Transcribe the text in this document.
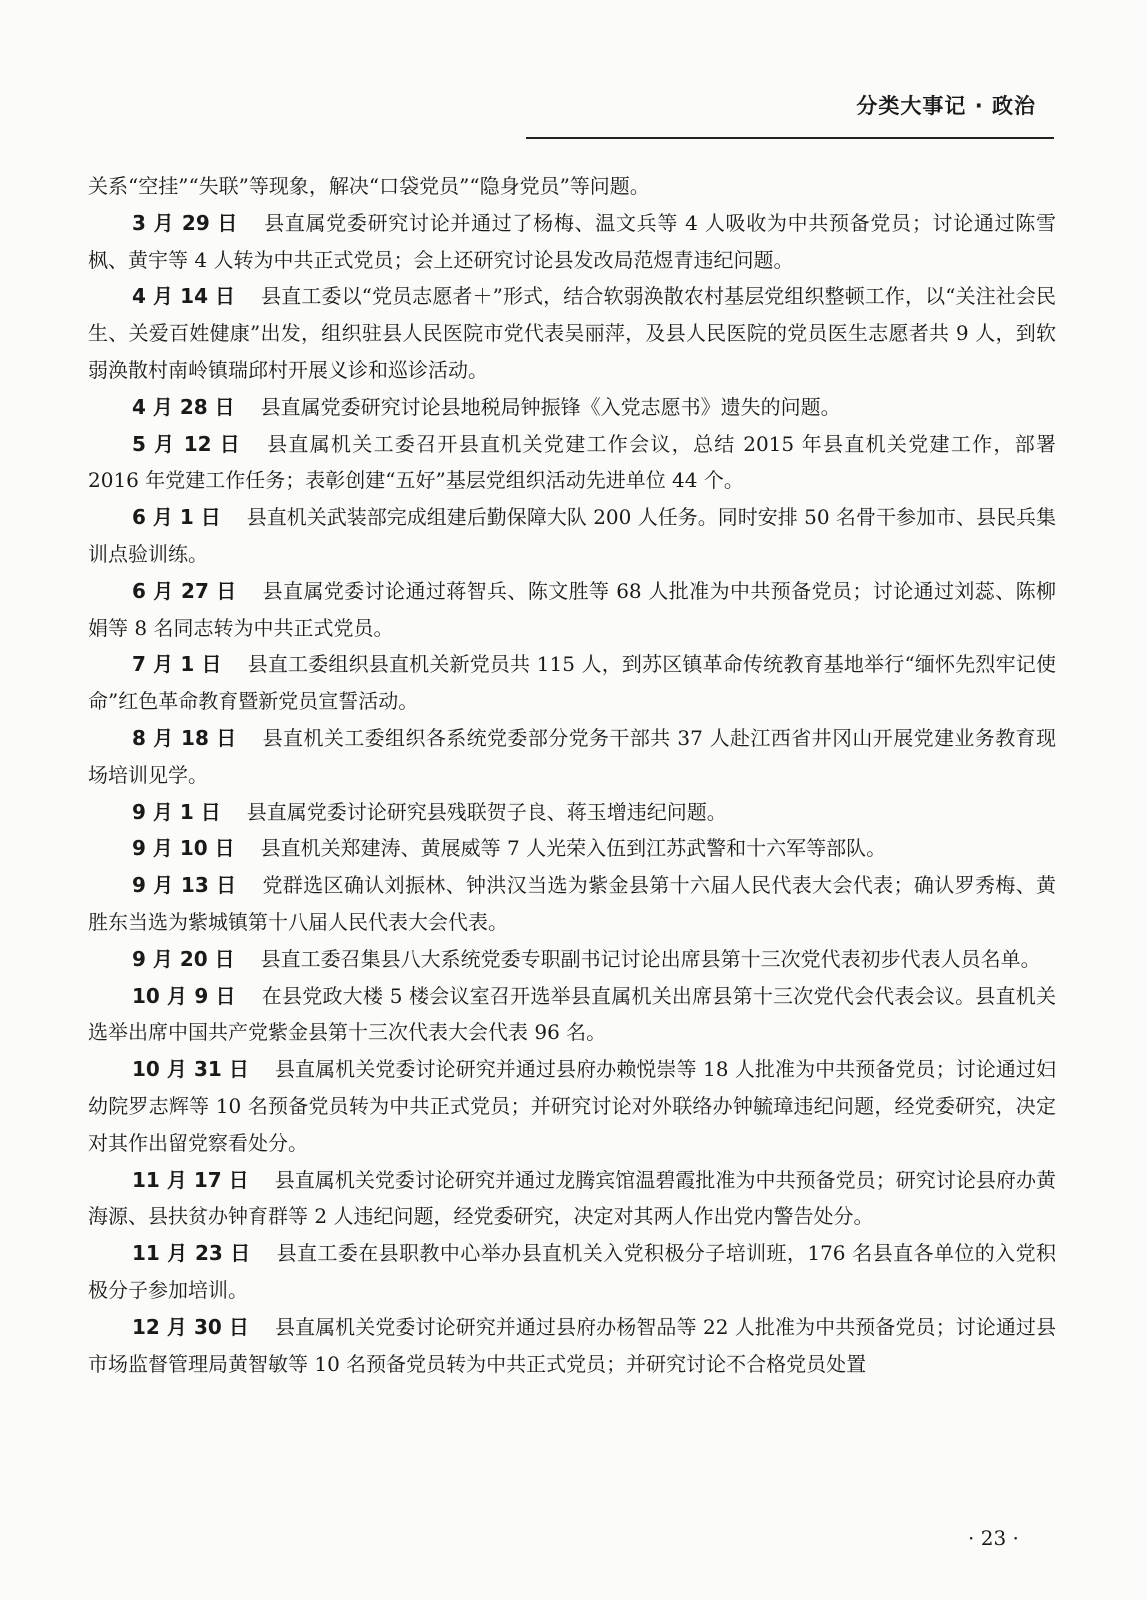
分类大事记 · 政治

关系“空挂”“失联”等现象，解决“口袋党员”“隐身党员”等问题。

3 月 29 日 县直属党委研究讨论并通过了杨梅、温文兵等 4 人吸收为中共预备党员；讨论通过陈雪枫、黄宇等 4 人转为中共正式党员；会上还研究讨论县发改局范煜青违纪问题。

4 月 14 日 县直工委以“党员志愿者＋”形式，结合软弱涣散农村基层党组织整顿工作，以“关注社会民生、关爱百姓健康”出发，组织驻县人民医院市党代表吴丽萍，及县人民医院的党员医生志愿者共 9 人，到软弱涣散村南岭镇瑞邱村开展义诊和巡诊活动。

4 月 28 日 县直属党委研究讨论县地税局钟振锋《入党志愿书》遗失的问题。

5 月 12 日 县直属机关工委召开县直机关党建工作会议，总结 2015 年县直机关党建工作，部署 2016 年党建工作任务；表彰创建“五好”基层党组织活动先进单位 44 个。

6 月 1 日 县直机关武装部完成组建后勤保障大队 200 人任务。同时安排 50 名骨干参加市、县民兵集训点验训练。

6 月 27 日 县直属党委讨论通过蒋智兵、陈文胜等 68 人批准为中共预备党员；讨论通过刘蕊、陈柳娟等 8 名同志转为中共正式党员。

7 月 1 日 县直工委组织县直机关新党员共 115 人，到苏区镇革命传统教育基地举行“缅怀先烈牢记使命”红色革命教育暨新党员宣誓活动。

8 月 18 日 县直机关工委组织各系统党委部分党务干部共 37 人赴江西省井冈山开展党建业务教育现场培训见学。

9 月 1 日 县直属党委讨论研究县残联贺子良、蒋玉增违纪问题。

9 月 10 日 县直机关郑建涛、黄展威等 7 人光荣入伍到江苏武警和十六军等部队。

9 月 13 日 党群选区确认刘振林、钟洪汉当选为紫金县第十六届人民代表大会代表；确认罗秀梅、黄胜东当选为紫城镇第十八届人民代表大会代表。

9 月 20 日 县直工委召集县八大系统党委专职副书记讨论出席县第十三次党代表初步代表人员名单。

10 月 9 日 在县党政大楼 5 楼会议室召开选举县直属机关出席县第十三次党代会代表会议。县直机关选举出席中国共产党紫金县第十三次代表大会代表 96 名。

10 月 31 日 县直属机关党委讨论研究并通过县府办赖悦崇等 18 人批准为中共预备党员；讨论通过妇幼院罗志辉等 10 名预备党员转为中共正式党员；并研究讨论对外联络办钟毓璋违纪问题，经党委研究，决定对其作出留党察看处分。

11 月 17 日 县直属机关党委讨论研究并通过龙腾宾馆温碧霞批准为中共预备党员；研究讨论县府办黄海源、县扶贫办钟育群等 2 人违纪问题，经党委研究，决定对其两人作出党内警告处分。

11 月 23 日 县直工委在县职教中心举办县直机关入党积极分子培训班，176 名县直各单位的入党积极分子参加培训。

12 月 30 日 县直属机关党委讨论研究并通过县府办杨智品等 22 人批准为中共预备党员；讨论通过县市场监督管理局黄智敏等 10 名预备党员转为中共正式党员；并研究讨论不合格党员处置

· 23 ·
